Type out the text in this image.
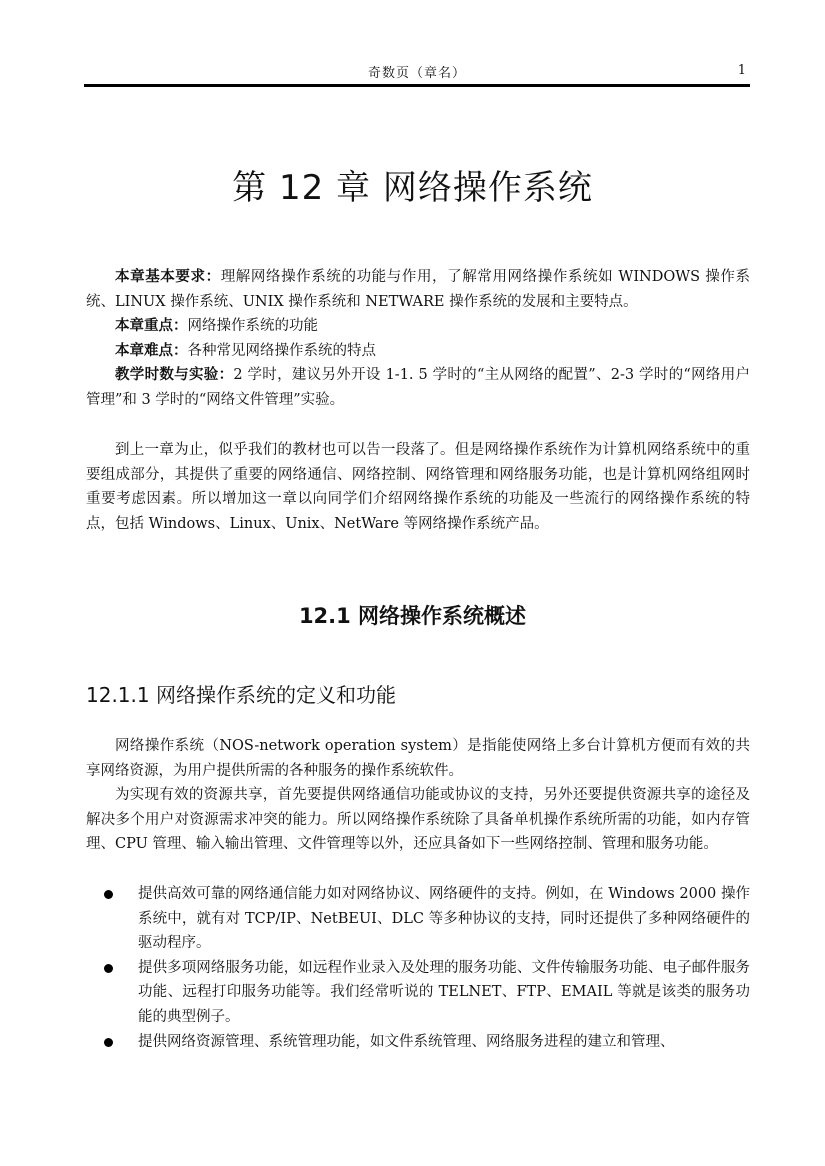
奇数页（章名）	1
第 12 章 网络操作系统

本章基本要求：理解网络操作系统的功能与作用，了解常用网络操作系统如 WINDOWS 操作系统、LINUX 操作系统、UNIX 操作系统和 NETWARE 操作系统的发展和主要特点。

本章重点：网络操作系统的功能

本章难点：各种常见网络操作系统的特点

教学时数与实验：2 学时，建议另外开设 1-1. 5 学时的“主从网络的配置”、2-3 学时的“网络用户管理”和 3 学时的“网络文件管理”实验。

到上一章为止，似乎我们的教材也可以告一段落了。但是网络操作系统作为计算机网络系统中的重要组成部分，其提供了重要的网络通信、网络控制、网络管理和网络服务功能，也是计算机网络组网时重要考虑因素。所以增加这一章以向同学们介绍网络操作系统的功能及一些流行的网络操作系统的特点，包括 Windows、Linux、Unix、NetWare 等网络操作系统产品。

12.1 网络操作系统概述
12.1.1 网络操作系统的定义和功能

网络操作系统（NOS-network operation system）是指能使网络上多台计算机方便而有效的共享网络资源，为用户提供所需的各种服务的操作系统软件。

为实现有效的资源共享，首先要提供网络通信功能或协议的支持，另外还要提供资源共享的途径及解决多个用户对资源需求冲突的能力。所以网络操作系统除了具备单机操作系统所需的功能，如内存管理、CPU 管理、输入输出管理、文件管理等以外，还应具备如下一些网络控制、管理和服务功能。

提供高效可靠的网络通信能力如对网络协议、网络硬件的支持。例如，在 Windows 2000 操作系统中，就有对 TCP/IP、NetBEUI、DLC 等多种协议的支持，同时还提供了多种网络硬件的驱动程序。
提供多项网络服务功能，如远程作业录入及处理的服务功能、文件传输服务功能、电子邮件服务功能、远程打印服务功能等。我们经常听说的 TELNET、FTP、EMAIL 等就是该类的服务功能的典型例子。
提供网络资源管理、系统管理功能，如文件系统管理、网络服务进程的建立和管理、
